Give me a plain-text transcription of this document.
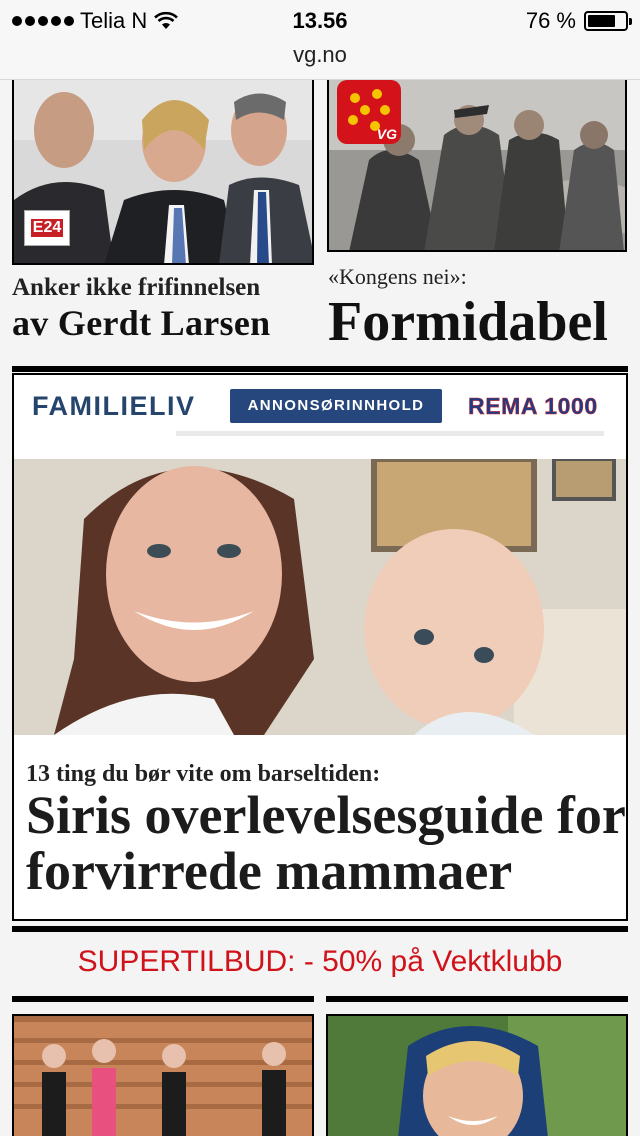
Telia N	13.56	76 %
vg.no
E24
Anker ikke frifinnelsen
av Gerdt Larsen
VG
«Kongens nei»:
Formidabel
FAMILIELIV	ANNONSØRINNHOLD	REMA 1000
13 ting du bør vite om barseltiden:
Siris overlevelsesguide for forvirrede mammaer
SUPERTILBUD: - 50% på Vektklubb
